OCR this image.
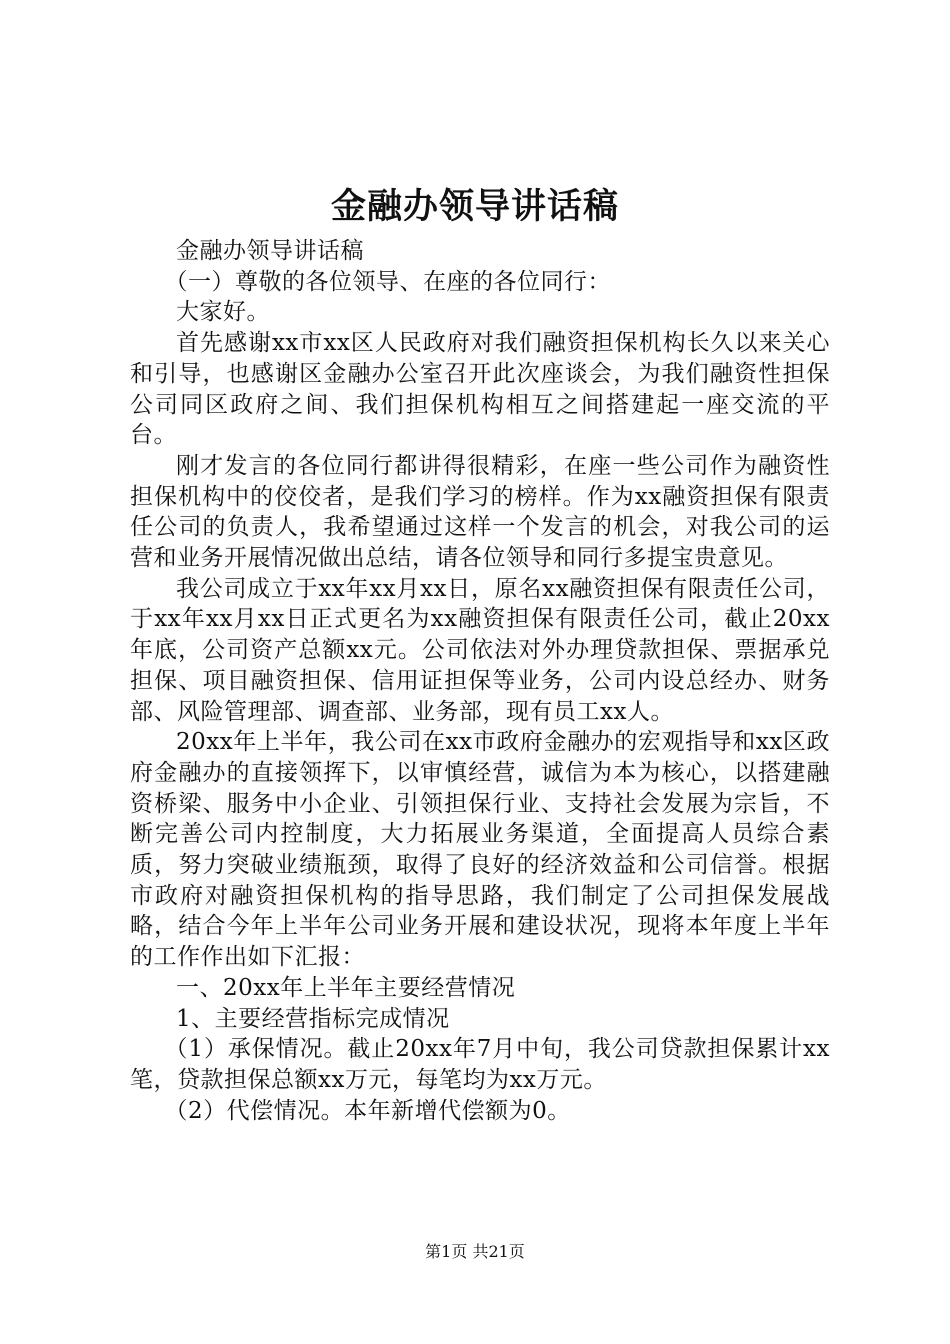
金融办领导讲话稿

金融办领导讲话稿

（一）尊敬的各位领导、在座的各位同行：

大家好。

首先感谢xx市xx区人民政府对我们融资担保机构长久以来关心和引导，也感谢区金融办公室召开此次座谈会，为我们融资性担保公司同区政府之间、我们担保机构相互之间搭建起一座交流的平台。

刚才发言的各位同行都讲得很精彩，在座一些公司作为融资性担保机构中的佼佼者，是我们学习的榜样。作为xx融资担保有限责任公司的负责人，我希望通过这样一个发言的机会，对我公司的运营和业务开展情况做出总结，请各位领导和同行多提宝贵意见。

我公司成立于xx年xx月xx日，原名xx融资担保有限责任公司，于xx年xx月xx日正式更名为xx融资担保有限责任公司，截止20xx年底，公司资产总额xx元。公司依法对外办理贷款担保、票据承兑担保、项目融资担保、信用证担保等业务，公司内设总经办、财务部、风险管理部、调查部、业务部，现有员工xx人。

20xx年上半年，我公司在xx市政府金融办的宏观指导和xx区政府金融办的直接领挥下，以审慎经营，诚信为本为核心，以搭建融资桥梁、服务中小企业、引领担保行业、支持社会发展为宗旨，不断完善公司内控制度，大力拓展业务渠道，全面提高人员综合素质，努力突破业绩瓶颈，取得了良好的经济效益和公司信誉。根据市政府对融资担保机构的指导思路，我们制定了公司担保发展战略，结合今年上半年公司业务开展和建设状况，现将本年度上半年的工作作出如下汇报：

一、20xx年上半年主要经营情况

1、主要经营指标完成情况

（1）承保情况。截止20xx年7月中旬，我公司贷款担保累计xx笔，贷款担保总额xx万元，每笔均为xx万元。

（2）代偿情况。本年新增代偿额为0。

第1页 共21页
